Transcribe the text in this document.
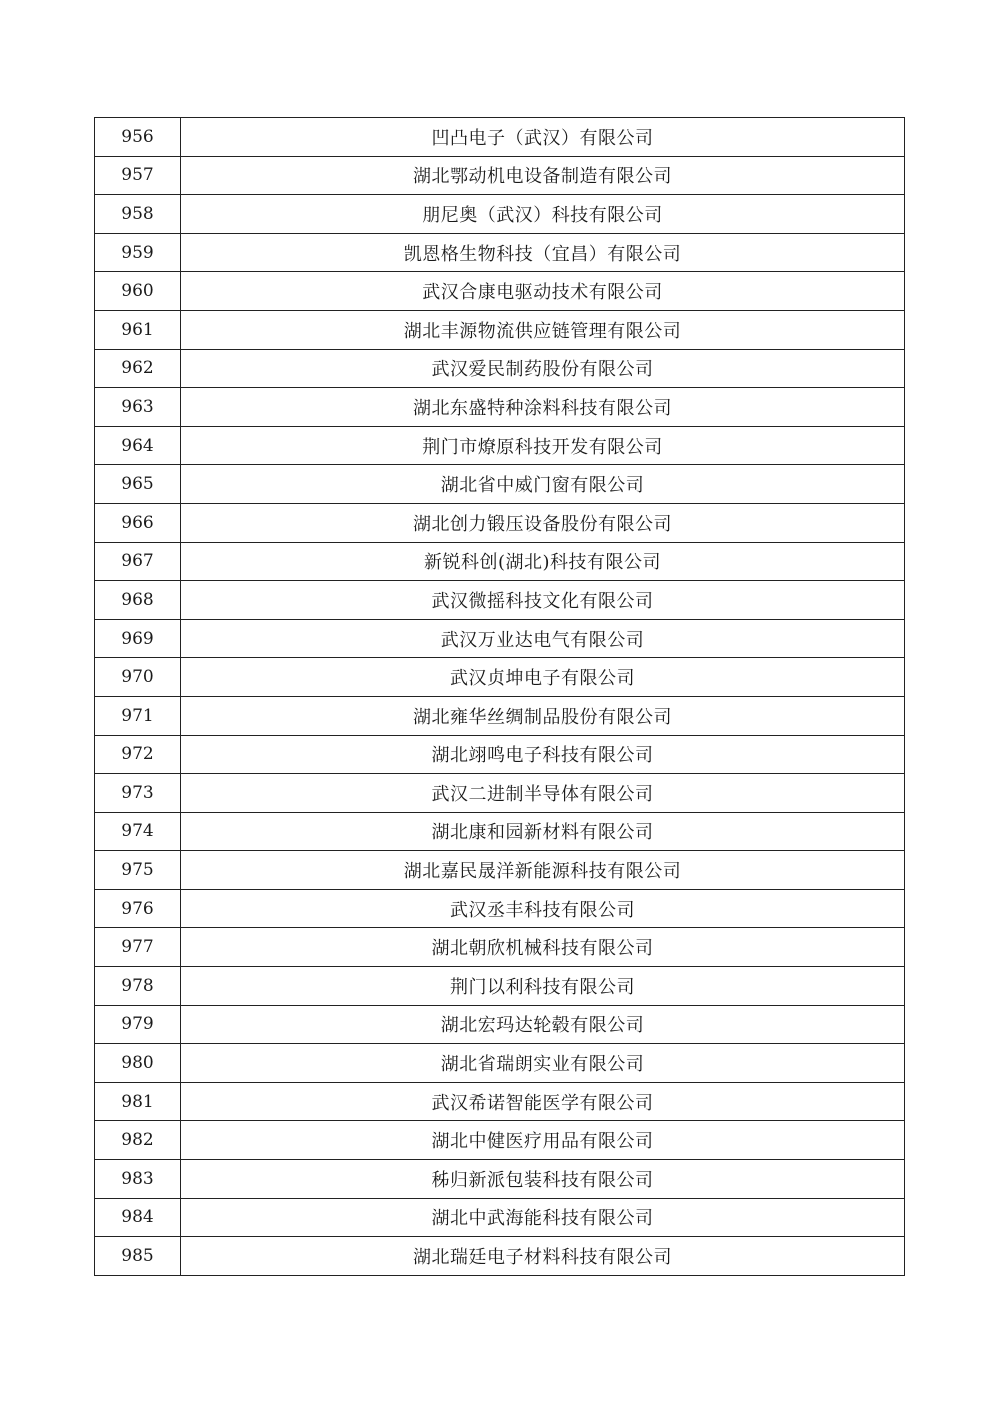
956	凹凸电子（武汉）有限公司
957	湖北鄂动机电设备制造有限公司
958	朋尼奥（武汉）科技有限公司
959	凯恩格生物科技（宜昌）有限公司
960	武汉合康电驱动技术有限公司
961	湖北丰源物流供应链管理有限公司
962	武汉爱民制药股份有限公司
963	湖北东盛特种涂料科技有限公司
964	荆门市燎原科技开发有限公司
965	湖北省中威门窗有限公司
966	湖北创力锻压设备股份有限公司
967	新锐科创(湖北)科技有限公司
968	武汉微摇科技文化有限公司
969	武汉万业达电气有限公司
970	武汉贞坤电子有限公司
971	湖北雍华丝绸制品股份有限公司
972	湖北翊鸣电子科技有限公司
973	武汉二进制半导体有限公司
974	湖北康和园新材料有限公司
975	湖北嘉民晟洋新能源科技有限公司
976	武汉丞丰科技有限公司
977	湖北朝欣机械科技有限公司
978	荆门以利科技有限公司
979	湖北宏玛达轮毂有限公司
980	湖北省瑞朗实业有限公司
981	武汉希诺智能医学有限公司
982	湖北中健医疗用品有限公司
983	秭归新派包装科技有限公司
984	湖北中武海能科技有限公司
985	湖北瑞廷电子材料科技有限公司
